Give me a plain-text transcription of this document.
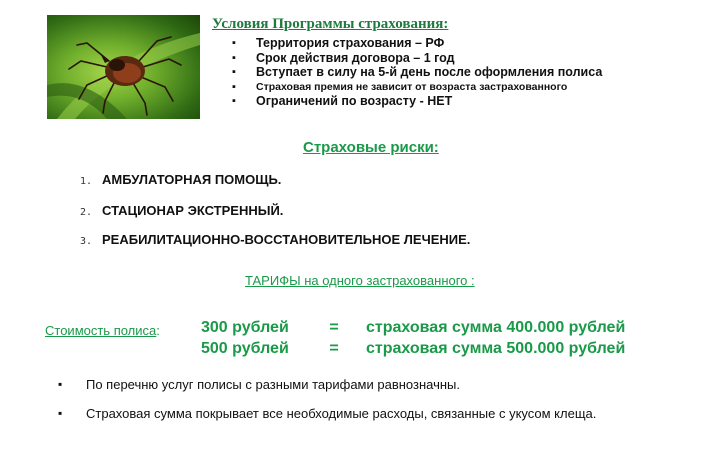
Условия Программы страхования:
▪ Территория страхования – РФ
▪ Срок действия договора – 1 год
▪ Вступает в силу на 5-й день после оформления полиса
▪ Страховая премия не зависит от возраста застрахованного
▪ Ограничений по возрасту - НЕТ
Страховые риски:
1. АМБУЛАТОРНАЯ ПОМОЩЬ.
2. СТАЦИОНАР ЭКСТРЕННЫЙ.
3. РЕАБИЛИТАЦИОННО-ВОССТАНОВИТЕЛЬНОЕ ЛЕЧЕНИЕ.
ТАРИФЫ на одного застрахованного :
Стоимость полиса:	300 рублей	= страховая сумма 400.000 рублей
500 рублей	= страховая сумма 500.000 рублей
▪ По перечню услуг полисы с разными тарифами равнозначны.
▪ Страховая сумма покрывает все необходимые расходы, связанные с укусом клеща.
